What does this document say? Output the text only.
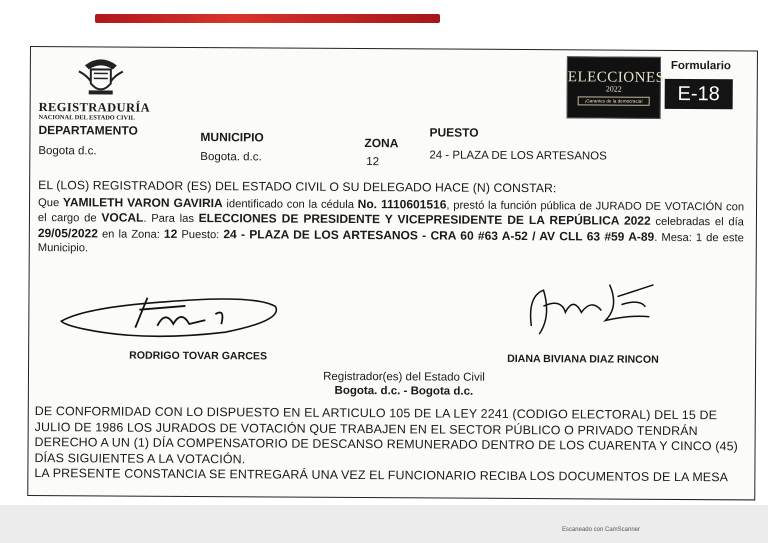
REGISTRADURÍA
NACIONAL DEL ESTADO CIVIL
ELECCIONES
2022
¡Garantes de la democracia!
Formulario
E-18
DEPARTAMENTO
Bogota d.c.
MUNICIPIO
Bogota. d.c.
ZONA
12
PUESTO
24 - PLAZA DE LOS ARTESANOS
EL (LOS) REGISTRADOR (ES) DEL ESTADO CIVIL O SU DELEGADO HACE (N) CONSTAR:
Que YAMILETH VARON GAVIRIA identificado con la cédula No. 1110601516, prestó la función pública de JURADO DE VOTACIÓN con el cargo de VOCAL. Para las ELECCIONES DE PRESIDENTE Y VICEPRESIDENTE DE LA REPÚBLICA 2022 celebradas el día 29/05/2022 en la Zona: 12 Puesto: 24 - PLAZA DE LOS ARTESANOS - CRA 60 #63 A-52 / AV CLL 63 #59 A-89. Mesa: 1 de este Municipio.
RODRIGO TOVAR GARCES	DIANA BIVIANA DIAZ RINCON
Registrador(es) del Estado Civil
Bogota. d.c. - Bogota d.c.
DE CONFORMIDAD CON LO DISPUESTO EN EL ARTICULO 105 DE LA LEY 2241 (CODIGO ELECTORAL) DEL 15 DE JULIO DE 1986 LOS JURADOS DE VOTACIÓN QUE TRABAJEN EN EL SECTOR PÚBLICO O PRIVADO TENDRÁN DERECHO A UN (1) DÍA COMPENSATORIO DE DESCANSO REMUNERADO DENTRO DE LOS CUARENTA Y CINCO (45) DÍAS SIGUIENTES A LA VOTACIÓN.
LA PRESENTE CONSTANCIA SE ENTREGARÁ UNA VEZ EL FUNCIONARIO RECIBA LOS DOCUMENTOS DE LA MESA
Escaneado con CamScanner
